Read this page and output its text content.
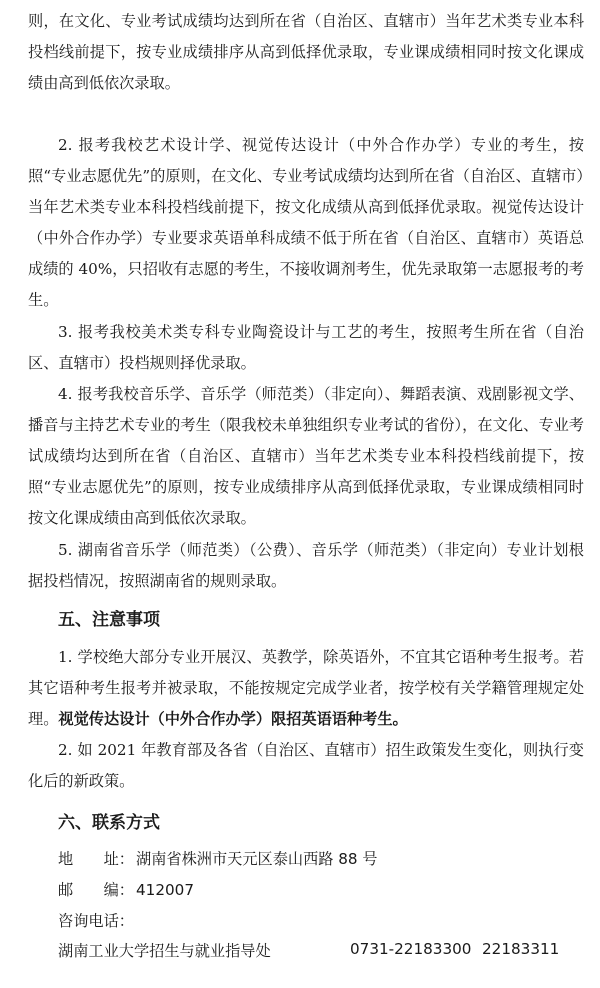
则，在文化、专业考试成绩均达到所在省（自治区、直辖市）当年艺术类专业本科投档线前提下，按专业成绩排序从高到低择优录取，专业课成绩相同时按文化课成绩由高到低依次录取。

2. 报考我校艺术设计学、视觉传达设计（中外合作办学）专业的考生，按照“专业志愿优先”的原则，在文化、专业考试成绩均达到所在省（自治区、直辖市）当年艺术类专业本科投档线前提下，按文化成绩从高到低择优录取。视觉传达设计（中外合作办学）专业要求英语单科成绩不低于所在省（自治区、直辖市）英语总成绩的 40%，只招收有志愿的考生，不接收调剂考生，优先录取第一志愿报考的考生。

3. 报考我校美术类专科专业陶瓷设计与工艺的考生，按照考生所在省（自治区、直辖市）投档规则择优录取。

4. 报考我校音乐学、音乐学（师范类）（非定向）、舞蹈表演、戏剧影视文学、播音与主持艺术专业的考生（限我校未单独组织专业考试的省份），在文化、专业考试成绩均达到所在省（自治区、直辖市）当年艺术类专业本科投档线前提下，按照“专业志愿优先”的原则，按专业成绩排序从高到低择优录取，专业课成绩相同时按文化课成绩由高到低依次录取。

5. 湖南省音乐学（师范类）（公费）、音乐学（师范类）（非定向）专业计划根据投档情况，按照湖南省的规则录取。

五、注意事项

1. 学校绝大部分专业开展汉、英教学，除英语外，不宜其它语种考生报考。若其它语种考生报考并被录取，不能按规定完成学业者，按学校有关学籍管理规定处理。视觉传达设计（中外合作办学）限招英语语种考生。

2. 如 2021 年教育部及各省（自治区、直辖市）招生政策发生变化，则执行变化后的新政策。

六、联系方式

地　　址： 湖南省株洲市天元区泰山西路 88 号

邮　　编： 412007

咨询电话：

湖南工业大学招生与就业指导处	0731-22183300 22183311
